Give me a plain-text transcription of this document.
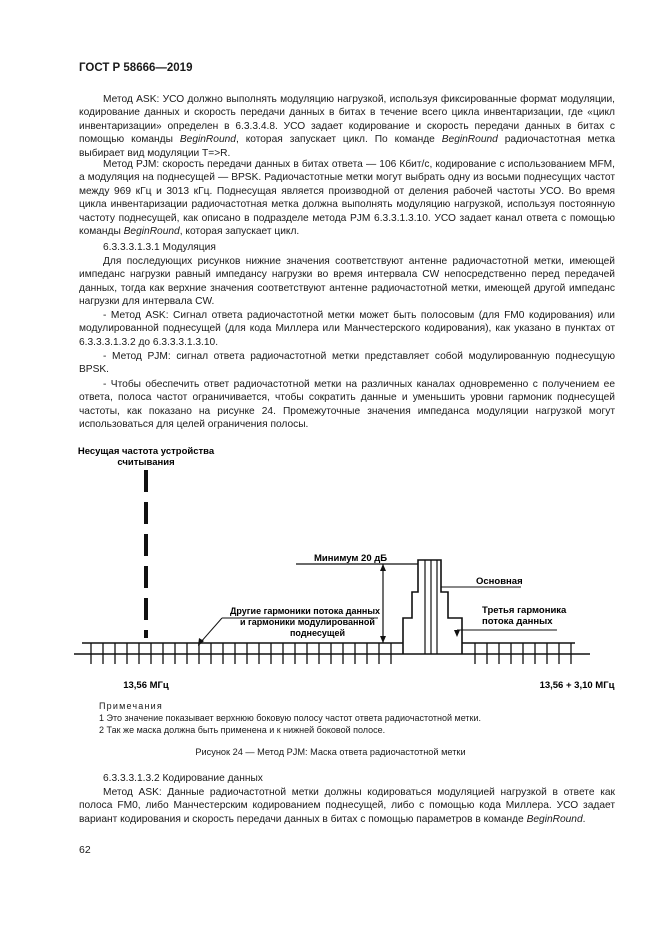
ГОСТ Р 58666—2019
Метод ASK: УСО должно выполнять модуляцию нагрузкой, используя фиксированные формат модуляции, кодирование данных и скорость передачи данных в битах в течение всего цикла инвентаризации, где «цикл инвентаризации» определен в 6.3.3.4.8. УСО задает кодирование и скорость передачи данных в битах с помощью команды BeginRound, которая запускает цикл. По команде BeginRound радиочастотная метка выбирает вид модуляции T=>R.
Метод PJM: скорость передачи данных в битах ответа — 106 Кбит/с, кодирование с использованием MFM, а модуляция на поднесущей — BPSK. Радиочастотные метки могут выбрать одну из восьми поднесущих частот между 969 кГц и 3013 кГц. Поднесущая является производной от деления рабочей частоты УСО. Во время цикла инвентаризации радиочастотная метка должна выполнять модуляцию нагрузкой, используя постоянную частоту поднесущей, как описано в подразделе метода PJM 6.3.3.1.3.10. УСО задает канал ответа с помощью команды BeginRound, которая запускает цикл.
6.3.3.3.1.3.1 Модуляция
Для последующих рисунков нижние значения соответствуют антенне радиочастотной метки, имеющей импеданс нагрузки равный импедансу нагрузки во время интервала CW непосредственно перед передачей данных, тогда как верхние значения соответствуют антенне радиочастотной метки, имеющей другой импеданс нагрузки для интервала CW.
- Метод ASK: Сигнал ответа радиочастотной метки может быть полосовым (для FM0 кодирования) или модулированной поднесущей (для кода Миллера или Манчестерского кодирования), как указано в пунктах от 6.3.3.3.1.3.2 до 6.3.3.3.1.3.10.
- Метод PJM: сигнал ответа радиочастотной метки представляет собой модулированную поднесущую BPSK.
- Чтобы обеспечить ответ радиочастотной метки на различных каналах одновременно с получением ее ответа, полоса частот ограничивается, чтобы сократить данные и уменьшить уровни гармоник поднесущей частоты, как показано на рисунке 24. Промежуточные значения импеданса модуляции нагрузкой могут использоваться для целей ограничения полосы.
Несущая частота устройства
считывания
Минимум 20 дБ
Основная
Третья гармоника
потока данных
Другие гармоники потока данных
и гармоники модулированной
поднесущей
13,56 МГц	13,56 + 3,10 МГц
Примечания
1 Это значение показывает верхнюю боковую полосу частот ответа радиочастотной метки.
2 Так же маска должна быть применена и к нижней боковой полосе.
Рисунок 24 — Метод PJM: Маска ответа радиочастотной метки
6.3.3.3.1.3.2 Кодирование данных
Метод ASK: Данные радиочастотной метки должны кодироваться модуляцией нагрузкой в ответе как полоса FM0, либо Манчестерским кодированием поднесущей, либо с помощью кода Миллера. УСО задает вариант кодирования и скорость передачи данных в битах с помощью параметров в команде BeginRound.
62
